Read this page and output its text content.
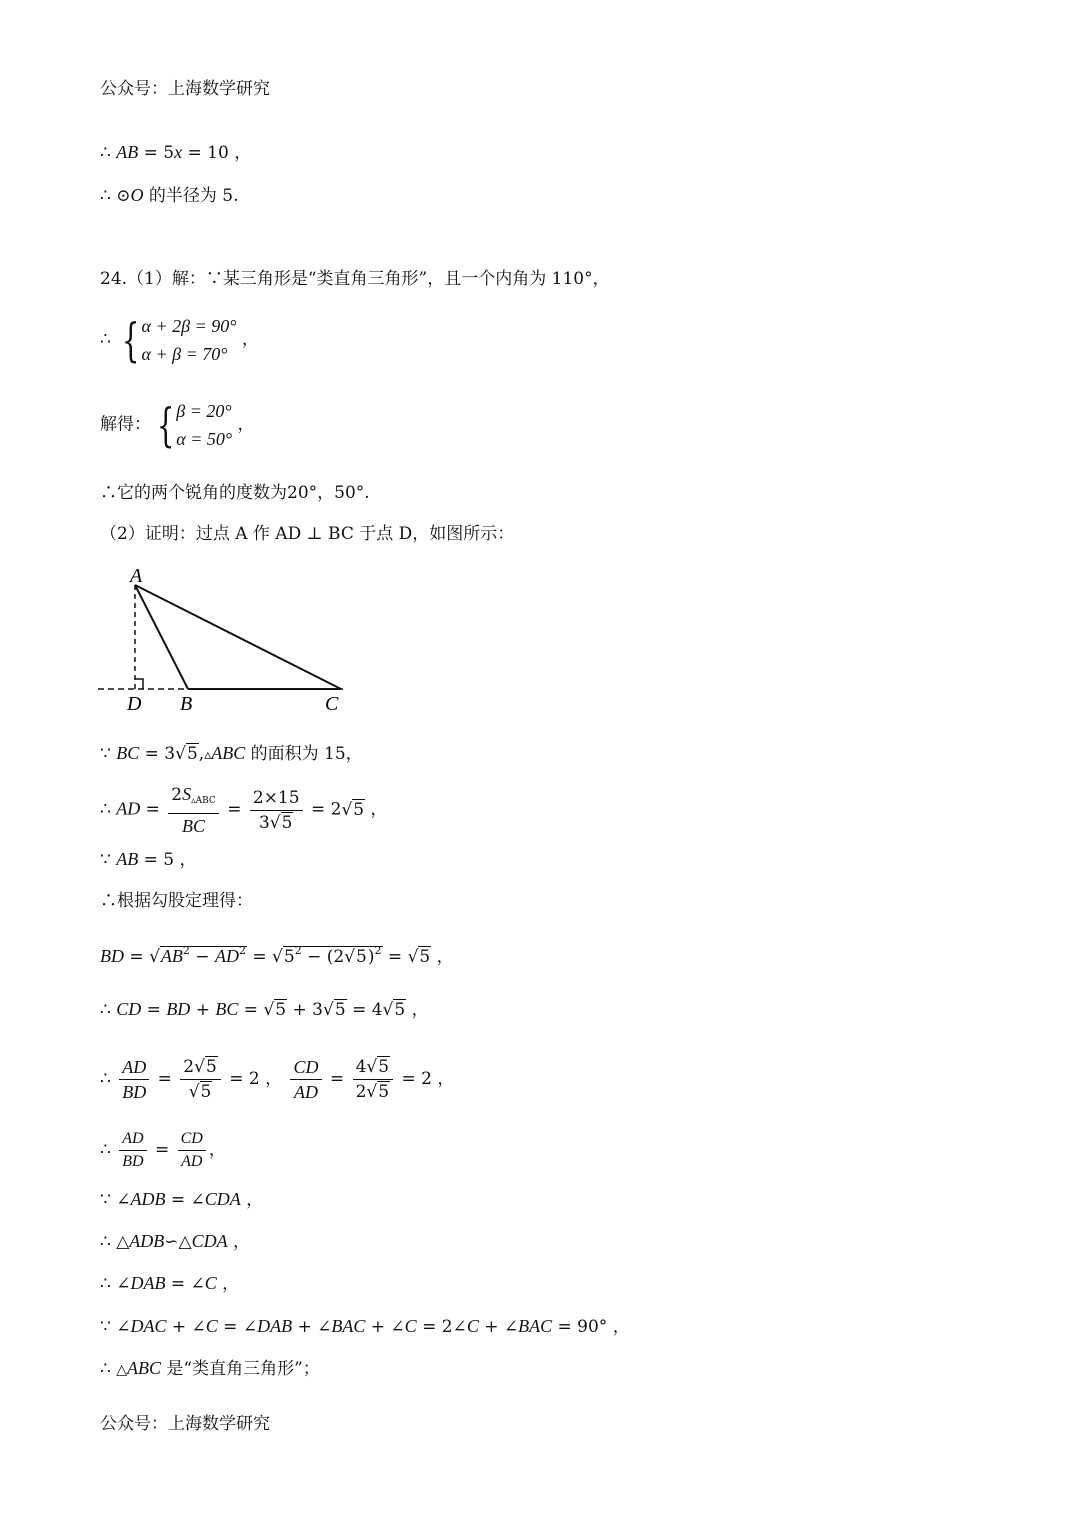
公众号：上海数学研究
∴ AB = 5x = 10 ，
∴ ⊙O 的半径为 5.
24.（1）解：∵某三角形是“类直角三角形”，且一个内角为 110°，
∴ { α + 2β = 90°
α + β = 70°
，
解得： { β = 20°
α = 50°
，
∴它的两个锐角的度数为20°，50°.
（2）证明：过点 A 作 AD ⊥ BC 于点 D，如图所示：
A
D B	C
∵ BC = 3√5,▵ABC 的面积为 15，
∴ AD = $\frac{\text{2S▵ABC}}{BC} = \frac{2\times 15}{3√5} = 2√5$ ，
∵ AB = 5 ，
∴根据勾股定理得：
BD = $√AB^2 - AD^2 = √5^2 - (2√5)^2 = √5$ ，
∴ CD = BD + BC = √5 + 3√5 = 4√5 ，
∴ $\frac{AD}{BD} = \frac{2√5}{√5} = 2$ ， $\frac{CD}{AD} = \frac{4√5}{2√5} = 2$ ，
∴ $\frac{AD}{BD} = \frac{CD}{AD}$ ，
∵ ∠ADB = ∠CDA ，
∴ △ADB∽△CDA ，
∴ ∠DAB = ∠C ，
∵ ∠DAC + ∠C = ∠DAB + ∠BAC + ∠C = 2∠C + ∠BAC = 90° ，
∴ △ABC 是“类直角三角形”；
公众号：上海数学研究
